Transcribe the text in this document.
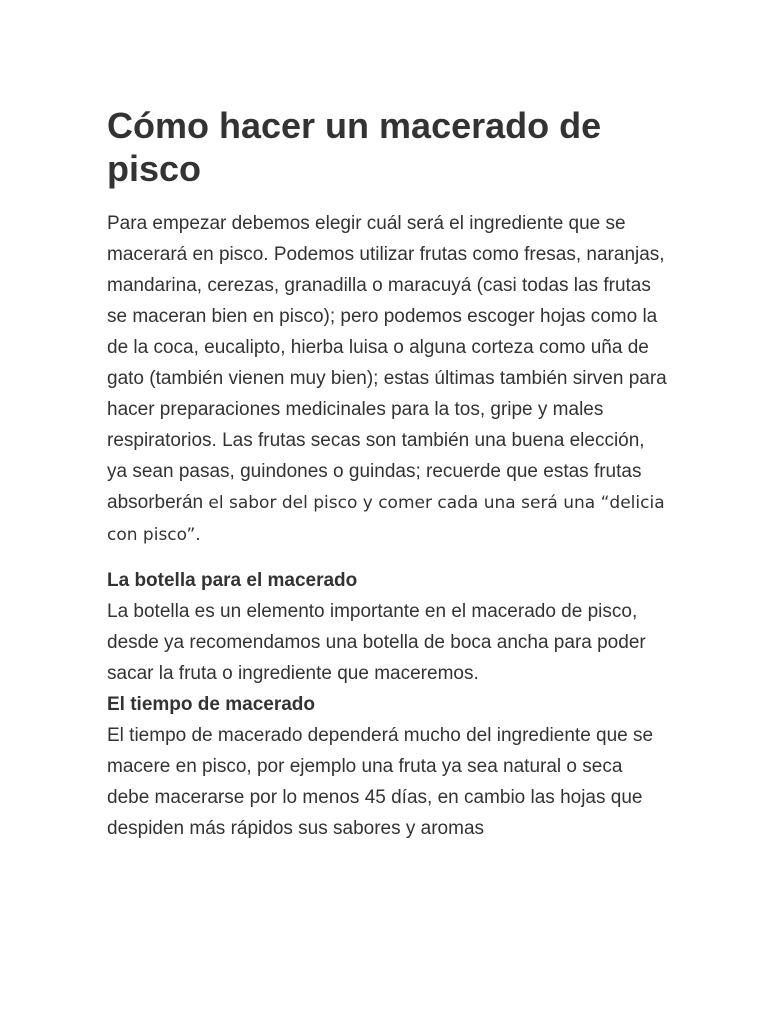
Cómo hacer un macerado de pisco

Para empezar debemos elegir cuál será el ingrediente que se macerará en pisco. Podemos utilizar frutas como fresas, naranjas, mandarina, cerezas, granadilla o maracuyá (casi todas las frutas se maceran bien en pisco); pero podemos escoger hojas como la de la coca, eucalipto, hierba luisa o alguna corteza como uña de gato (también vienen muy bien); estas últimas también sirven para hacer preparaciones medicinales para la tos, gripe y males respiratorios. Las frutas secas son también una buena elección, ya sean pasas, guindones o guindas; recuerde que estas frutas absorberán el sabor del pisco y comer cada una será una “delicia con pisco”.

La botella para el macerado

La botella es un elemento importante en el macerado de pisco, desde ya recomendamos una botella de boca ancha para poder sacar la fruta o ingrediente que maceremos.

El tiempo de macerado

El tiempo de macerado dependerá mucho del ingrediente que se macere en pisco, por ejemplo una fruta ya sea natural o seca debe macerarse por lo menos 45 días, en cambio las hojas que despiden más rápidos sus sabores y aromas
